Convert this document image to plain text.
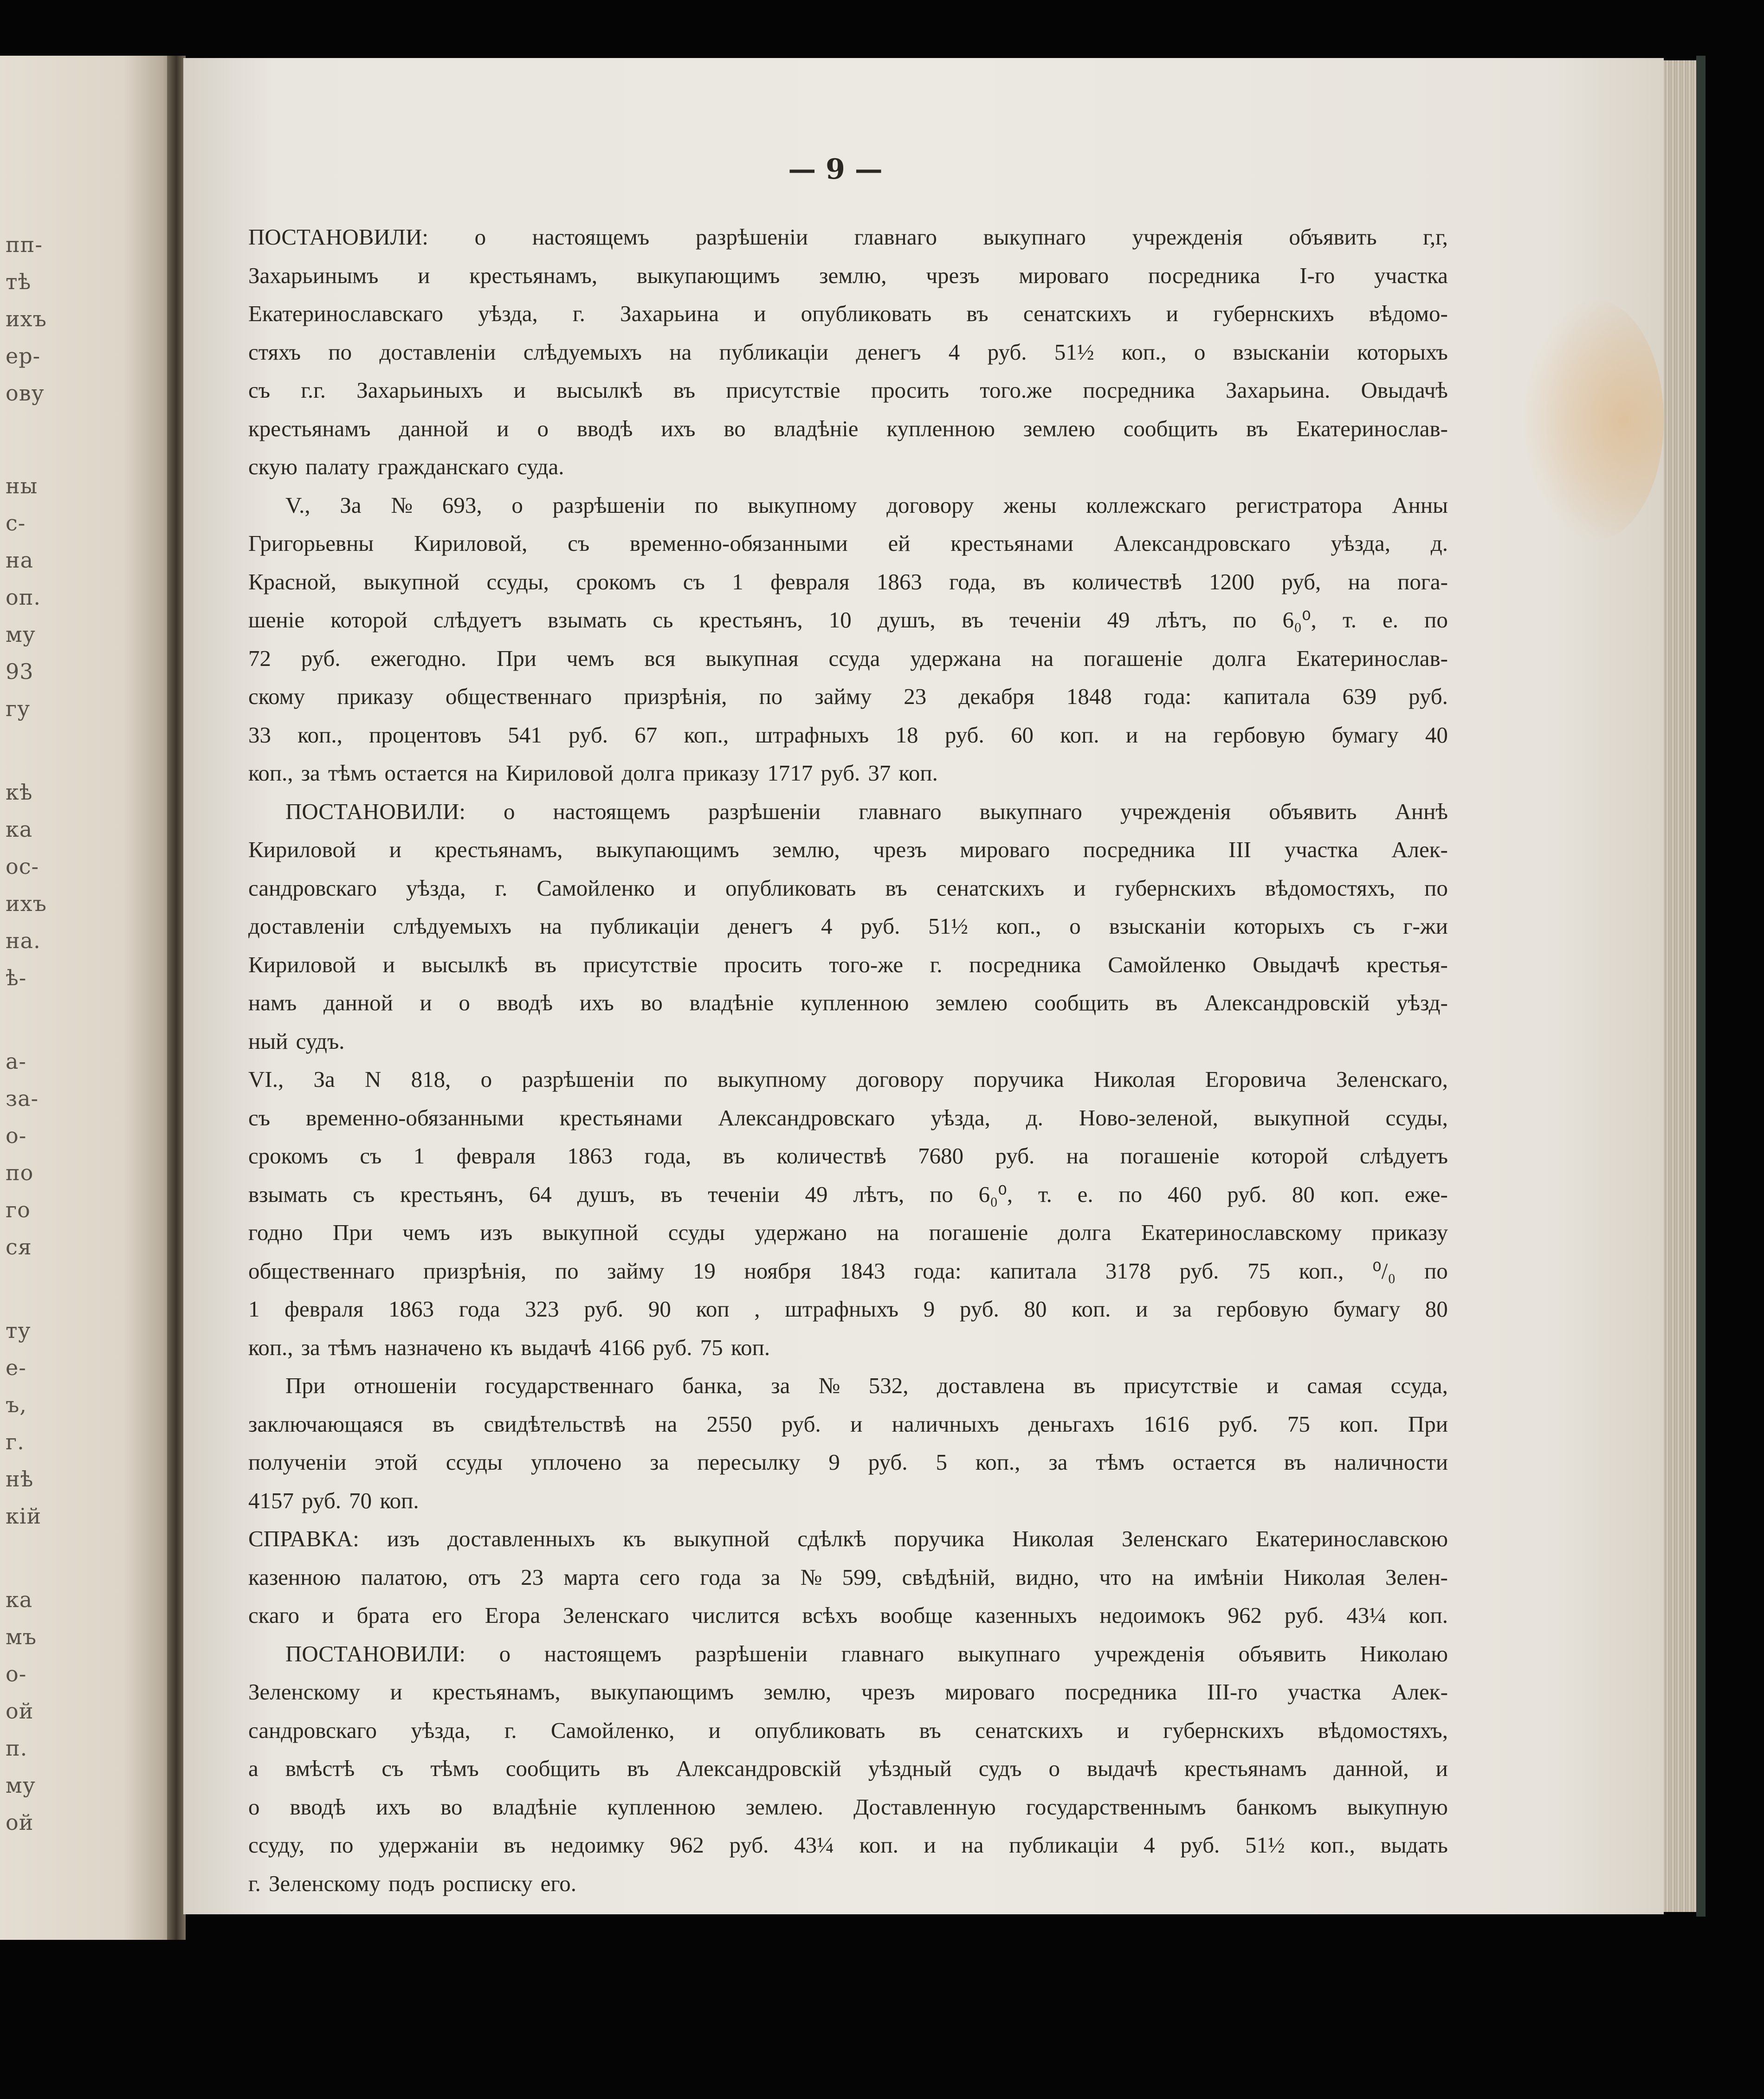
пп-
тѣ
ихъ
ер-
ову
ны
с-
на
оп.
му
93
гу
кѣ
ка
ос-
ихъ
на.
ѣ-
а-
за-
о-
по
го
ся
ту
е-
ъ,
г.
нѣ
кій
ка
мъ
о-
ой
п.
му
ой
— 9 —
ПОСТАНОВИЛИ: о настоящемъ разрѣшенiи главнаго выкупнаго учрежденiя объявить г,г,
Захарьинымъ и крестьянамъ, выкупающимъ землю, чрезъ мироваго посредника I-го участка
Екатеринославскаго уѣзда, г. Захарьина и опубликовать въ сенатскихъ и губернскихъ вѣдомо-
стяхъ по доставленiи слѣдуемыхъ на публикацiи денегъ 4 руб. 51½ коп., о взысканiи которыхъ
съ г.г. Захарьиныхъ и высылкѣ въ присутствiе просить того.же посредника Захарьина. Овыдачѣ
крестьянамъ данной и о вводѣ ихъ во владѣнiе купленною землею сообщить въ Екатеринослав-
скую палату гражданскаго суда.
V., За № 693, о разрѣшенiи по выкупному договору жены коллежскаго регистратора Анны
Григорьевны Кириловой, съ временно-обязанными ей крестьянами Александровскаго уѣзда, д.
Красной, выкупной ссуды, срокомъ съ 1 февраля 1863 года, въ количествѣ 1200 руб, на пога-
шенiе которой слѣдуетъ взымать сь крестьянъ, 10 душъ, въ теченiи 49 лѣтъ, по 6₀⁰, т. е. по
72 руб. ежегодно. При чемъ вся выкупная ссуда удержана на погашенiе долга Екатеринослав-
скому приказу общественнаго призрѣнiя, по займу 23 декабря 1848 года: капитала 639 руб.
33 коп., процентовъ 541 руб. 67 коп., штрафныхъ 18 руб. 60 коп. и на гербовую бумагу 40
коп., за тѣмъ остается на Кириловой долга приказу 1717 руб. 37 коп.
ПОСТАНОВИЛИ: о настоящемъ разрѣшенiи главнаго выкупнаго учрежденiя объявить Аннѣ
Кириловой и крестьянамъ, выкупающимъ землю, чрезъ мироваго посредника III участка Алек-
сандровскаго уѣзда, г. Самойленко и опубликовать въ сенатскихъ и губернскихъ вѣдомостяхъ, по
доставленiи слѣдуемыхъ на публикацiи денегъ 4 руб. 51½ коп., о взысканiи которыхъ съ г-жи
Кириловой и высылкѣ въ присутствiе просить того-же г. посредника Самойленко Овыдачѣ крестья-
намъ данной и о вводѣ ихъ во владѣнiе купленною землею сообщить въ Александровскiй уѣзд-
ный судъ.
VI., За N 818, о разрѣшенiи по выкупному договору поручика Николая Егоровича Зеленскаго,
съ временно-обязанными крестьянами Александровскаго уѣзда, д. Ново-зеленой, выкупной ссуды,
срокомъ съ 1 февраля 1863 года, въ количествѣ 7680 руб. на погашенiе которой слѣдуетъ
взымать съ крестьянъ, 64 душъ, въ теченiи 49 лѣтъ, по 6₀⁰, т. е. по 460 руб. 80 коп. еже-
годно При чемъ изъ выкупной ссуды удержано на погашенiе долга Екатеринославскому приказу
общественнаго призрѣнiя, по займу 19 ноября 1843 года: капитала 3178 руб. 75 коп., ⁰/₀ по
1 февраля 1863 года 323 руб. 90 коп , штрафныхъ 9 руб. 80 коп. и за гербовую бумагу 80
коп., за тѣмъ назначено къ выдачѣ 4166 руб. 75 коп.
При отношенiи государственнаго банка, за № 532, доставлена въ присутствiе и самая ссуда,
заключающаяся въ свидѣтельствѣ на 2550 руб. и наличныхъ деньгахъ 1616 руб. 75 коп. При
полученiи этой ссуды уплочено за пересылку 9 руб. 5 коп., за тѣмъ остается въ наличности
4157 руб. 70 коп.
СПРАВКА: изъ доставленныхъ къ выкупной сдѣлкѣ поручика Николая Зеленскаго Екатеринославскою
казенною палатою, отъ 23 марта сего года за № 599, свѣдѣнiй, видно, что на имѣнiи Николая Зелен-
скаго и брата его Егора Зеленскаго числится всѣхъ вообще казенныхъ недоимокъ 962 руб. 43¼ коп.
ПОСТАНОВИЛИ: о настоящемъ разрѣшенiи главнаго выкупнаго учрежденiя объявить Николаю
Зеленскому и крестьянамъ, выкупающимъ землю, чрезъ мироваго посредника III-го участка Алек-
сандровскаго уѣзда, г. Самойленко, и опубликовать въ сенатскихъ и губернскихъ вѣдомостяхъ,
а вмѣстѣ съ тѣмъ сообщить въ Александровскiй уѣздный судъ о выдачѣ крестьянамъ данной, и
о вводѣ ихъ во владѣнiе купленною землею. Доставленную государственнымъ банкомъ выкупную
ссуду, по удержанiи въ недоимку 962 руб. 43¼ коп. и на публикацiи 4 руб. 51½ коп., выдать
г. Зеленскому подъ росписку его.
